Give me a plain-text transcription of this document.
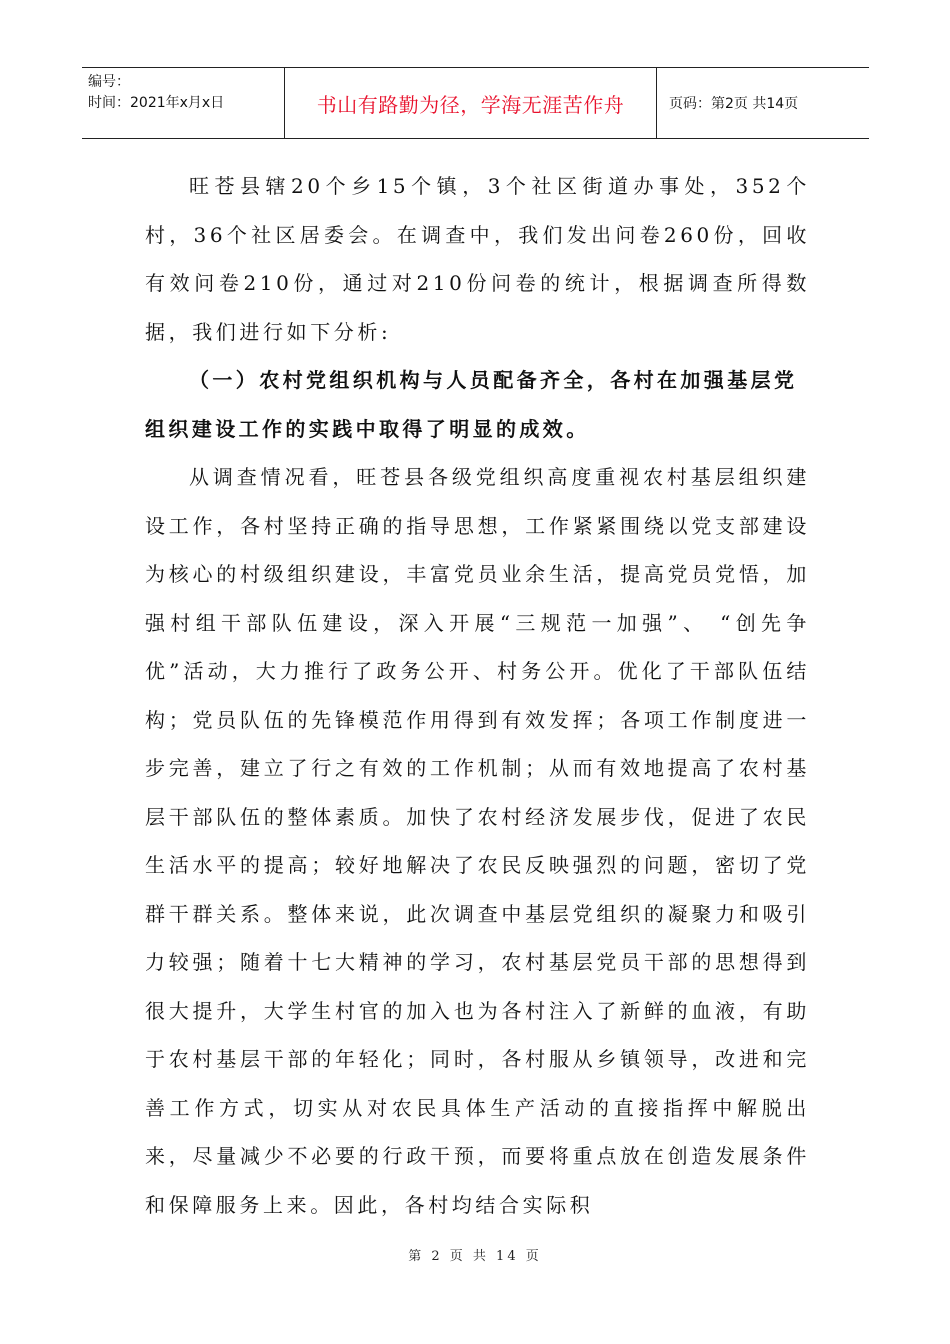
编号：
时间：2021年x月x日	书山有路勤为径，学海无涯苦作舟	页码：第2页 共14页

旺苍县辖20个乡15个镇，3个社区街道办事处，352个村，36个社区居委会。在调查中，我们发出问卷260份，回收有效问卷210份，通过对210份问卷的统计，根据调查所得数据，我们进行如下分析:

（一）农村党组织机构与人员配备齐全，各村在加强基层党组织建设工作的实践中取得了明显的成效。

从调查情况看，旺苍县各级党组织高度重视农村基层组织建设工作，各村坚持正确的指导思想，工作紧紧围绕以党支部建设为核心的村级组织建设，丰富党员业余生活，提高党员党悟，加强村组干部队伍建设，深入开展“三规范一加强”、 “创先争优”活动，大力推行了政务公开、村务公开。优化了干部队伍结构；党员队伍的先锋模范作用得到有效发挥；各项工作制度进一步完善，建立了行之有效的工作机制；从而有效地提高了农村基层干部队伍的整体素质。加快了农村经济发展步伐，促进了农民生活水平的提高；较好地解决了农民反映强烈的问题，密切了党群干群关系。整体来说，此次调查中基层党组织的凝聚力和吸引力较强；随着十七大精神的学习，农村基层党员干部的思想得到很大提升，大学生村官的加入也为各村注入了新鲜的血液，有助于农村基层干部的年轻化；同时，各村服从乡镇领导，改进和完善工作方式，切实从对农民具体生产活动的直接指挥中解脱出来，尽量减少不必要的行政干预，而要将重点放在创造发展条件和保障服务上来。因此，各村均结合实际积

第 2 页 共 14 页
